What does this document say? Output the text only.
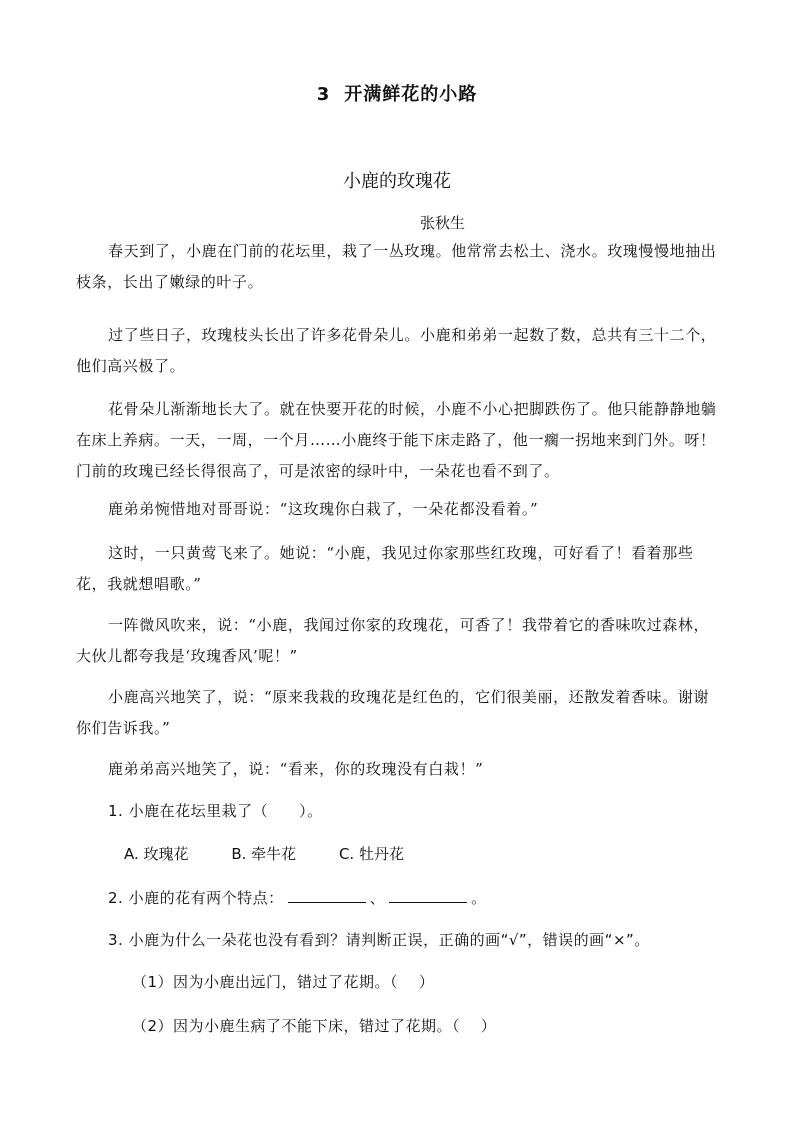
3 开满鲜花的小路
小鹿的玫瑰花
张秋生

春天到了，小鹿在门前的花坛里，栽了一丛玫瑰。他常常去松土、浇水。玫瑰慢慢地抽出枝条，长出了嫩绿的叶子。

过了些日子，玫瑰枝头长出了许多花骨朵儿。小鹿和弟弟一起数了数，总共有三十二个，他们高兴极了。

花骨朵儿渐渐地长大了。就在快要开花的时候，小鹿不小心把脚跌伤了。他只能静静地躺在床上养病。一天，一周，一个月……小鹿终于能下床走路了，他一瘸一拐地来到门外。呀！门前的玫瑰已经长得很高了，可是浓密的绿叶中，一朵花也看不到了。

鹿弟弟惋惜地对哥哥说：“这玫瑰你白栽了，一朵花都没看着。”

这时，一只黄莺飞来了。她说：“小鹿，我见过你家那些红玫瑰，可好看了！看着那些花，我就想唱歌。”

一阵微风吹来，说：“小鹿，我闻过你家的玫瑰花，可香了！我带着它的香味吹过森林，大伙儿都夸我是‘玫瑰香风’呢！”

小鹿高兴地笑了，说：“原来我栽的玫瑰花是红色的，它们很美丽，还散发着香味。谢谢你们告诉我。”

鹿弟弟高兴地笑了，说：“看来，你的玫瑰没有白栽！”

1. 小鹿在花坛里栽了（　　）。
A. 玫瑰花	B. 牵牛花	C. 牡丹花
2. 小鹿的花有两个特点：	、	。
3. 小鹿为什么一朵花也没有看到？请判断正误，正确的画“√”，错误的画“×”。
（1）因为小鹿出远门，错过了花期。（　 ）
（2）因为小鹿生病了不能下床，错过了花期。（　 ）
